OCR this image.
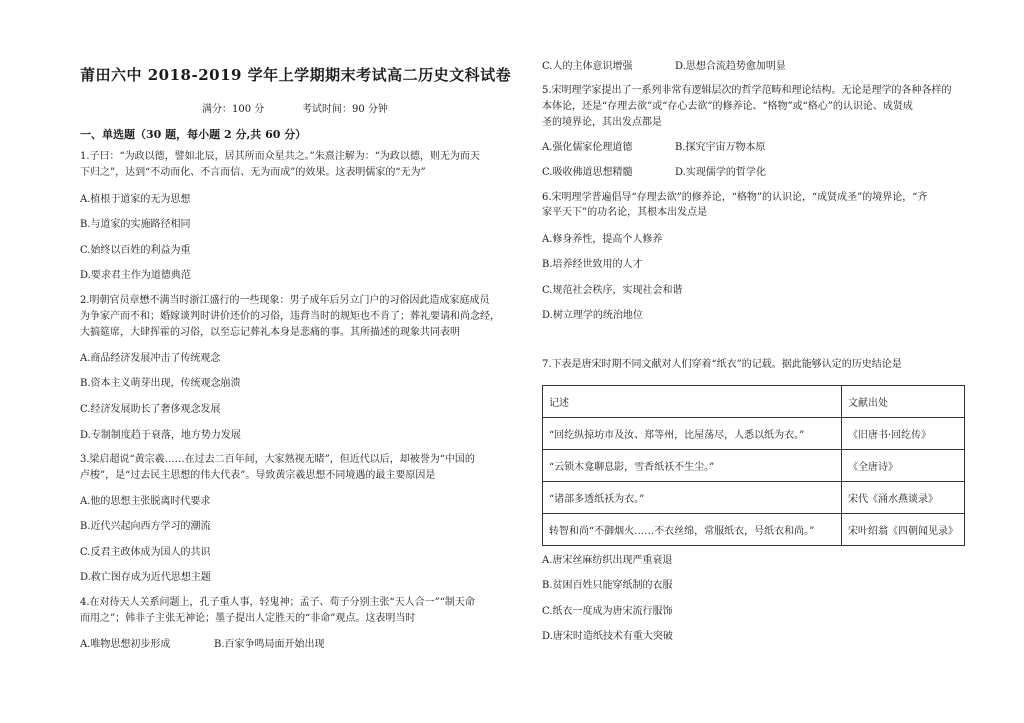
莆田六中 2018-2019 学年上学期期末考试高二历史文科试卷
满分：100 分	考试时间：90 分钟
一、单选题（30 题，每小题 2 分,共 60 分）
1.子曰：“为政以德，譬如北辰，居其所而众星共之。”朱熹注解为：“为政以德，则无为而天
下归之”，达到“不动而化、不言而信、无为而成”的效果。这表明儒家的“无为”
A.植根于道家的无为思想
B.与道家的实施路径相同
C.始终以百姓的利益为重
D.要求君主作为道德典范
2.明朝官员章懋不满当时浙江盛行的一些现象：男子成年后另立门户的习俗因此造成家庭成员
为争家产而不和；婚嫁谈判时讲价还价的习俗，违背当时的规矩也不肯了；葬礼要请和尚念经，
大搞筵席，大肆挥霍的习俗，以至忘记葬礼本身是悲痛的事。其所描述的现象共同表明
A.商品经济发展冲击了传统观念
B.资本主义萌芽出现，传统观念崩溃
C.经济发展助长了奢侈观念发展
D.专制制度趋于衰落，地方势力发展
3.梁启超说“黄宗羲……在过去二百年间，大家熟视无睹”，但近代以后，却被誉为“中国的
卢梭”，是“过去民主思想的伟大代表”。导致黄宗羲思想不同境遇的最主要原因是
A.他的思想主张脱离时代要求
B.近代兴起向西方学习的潮流
C.反君主政体成为国人的共识
D.救亡图存成为近代思想主题
4.在对待天人关系问题上，孔子重人事，轻鬼神；孟子、荀子分别主张“天人合一”“制天命
而用之”；韩非子主张无神论；墨子提出人定胜天的“非命”观点。这表明当时
A.唯物思想初步形成	B.百家争鸣局面开始出现
C.人的主体意识增强	D.思想合流趋势愈加明显
5.宋明理学家提出了一系列非常有逻辑层次的哲学范畴和理论结构。无论是理学的各种各样的
本体论，还是“存理去欲”或“存心去欲”的修养论、“格物”或“格心”的认识论、成贤成
圣的境界论，其出发点都是
A.强化儒家伦理道德	B.探究宇宙万物本原
C.吸收佛道思想精髓	D.实现儒学的哲学化
6.宋明理学普遍倡导“存理去欲”的修养论，“格物”的认识论，“成贤成圣”的境界论，“齐
家平天下”的功名论，其根本出发点是
A.修身养性，提高个人修养
B.培养经世致用的人才
C.规范社会秩序，实现社会和谐
D.树立理学的统治地位
7.下表是唐宋时期不同文献对人们穿着“纸衣”的记载。据此能够认定的历史结论是
记述	文献出处
“回纥纵掠坊市及汝、郑等州，比屋荡尽，人悉以纸为衣。”	《旧唐书·回纥传》
“云锁木龛聊息影，雪香纸袄不生尘。”	《全唐诗》
“诸部多透纸袄为衣。”	宋代《涌水燕谈录》
转智和尚“不御烟火……不衣丝绵，常服纸衣，号纸衣和尚。”	宋叶绍翁《四朝闻见录》
A.唐宋丝麻纺织出现严重衰退
B.贫困百姓只能穿纸制的衣服
C.纸衣一度成为唐宋流行服饰
D.唐宋时造纸技术有重大突破
